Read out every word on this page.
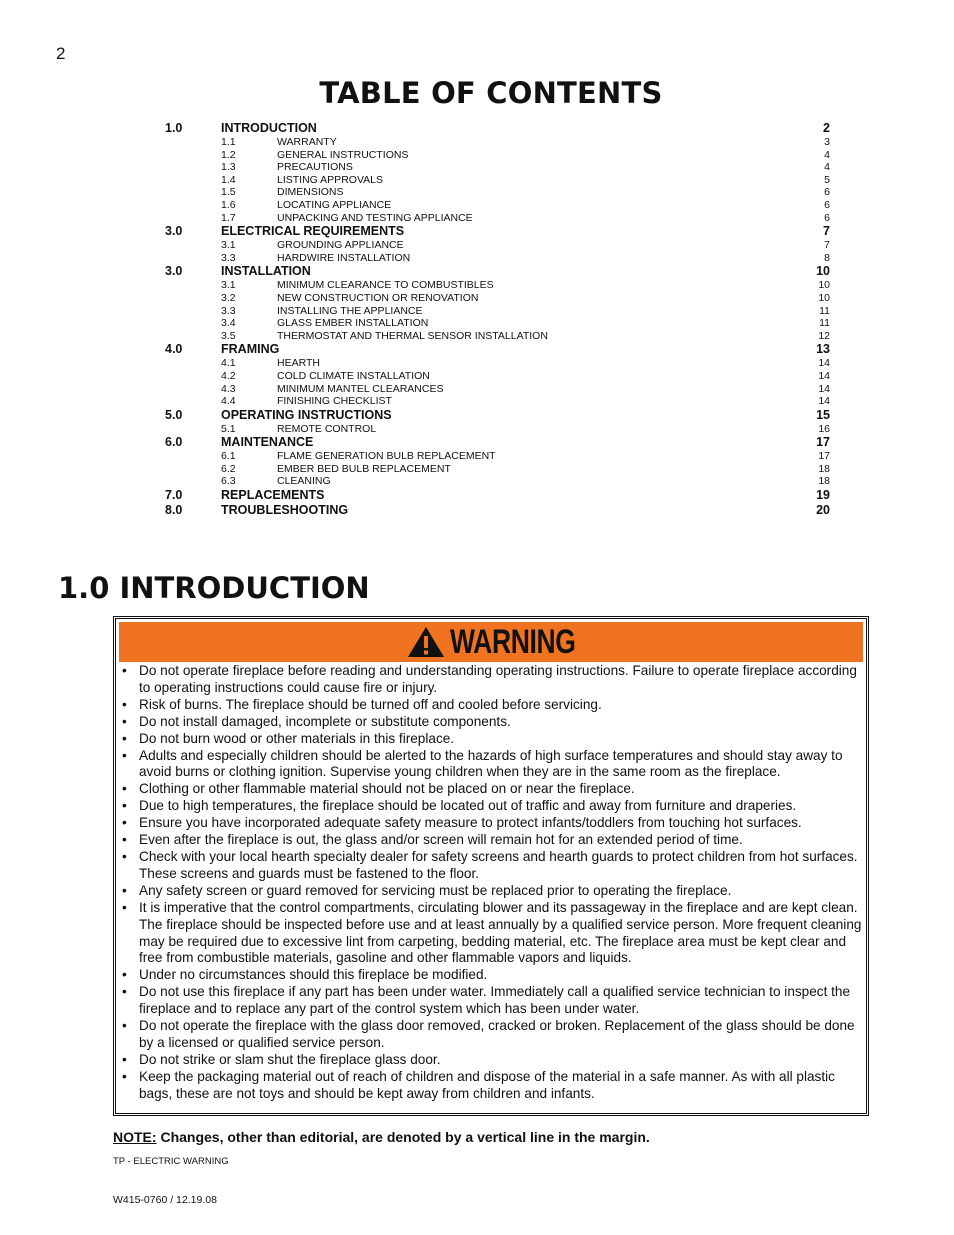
2
TABLE OF CONTENTS
1.0	INTRODUCTION	2
1.1	WARRANTY	3
1.2	GENERAL INSTRUCTIONS	4
1.3	PRECAUTIONS	4
1.4	LISTING APPROVALS	5
1.5	DIMENSIONS	6
1.6	LOCATING APPLIANCE	6
1.7	UNPACKING AND TESTING APPLIANCE	6
3.0	ELECTRICAL REQUIREMENTS	7
3.1	GROUNDING APPLIANCE	7
3.3	HARDWIRE INSTALLATION	8
3.0	INSTALLATION	10
3.1	MINIMUM CLEARANCE TO COMBUSTIBLES	10
3.2	NEW CONSTRUCTION OR RENOVATION	10
3.3	INSTALLING THE APPLIANCE	11
3.4	GLASS EMBER INSTALLATION	11
3.5	THERMOSTAT AND THERMAL SENSOR INSTALLATION	12
4.0	FRAMING	13
4.1	HEARTH	14
4.2	COLD CLIMATE INSTALLATION	14
4.3	MINIMUM MANTEL CLEARANCES	14
4.4	FINISHING CHECKLIST	14
5.0	OPERATING INSTRUCTIONS	15
5.1	REMOTE CONTROL	16
6.0	MAINTENANCE	17
6.1	FLAME GENERATION BULB REPLACEMENT	17
6.2	EMBER BED BULB REPLACEMENT	18
6.3	CLEANING	18
7.0	REPLACEMENTS	19
8.0	TROUBLESHOOTING	20
1.0 INTRODUCTION
WARNING
• Do not operate fireplace before reading and understanding operating instructions. Failure to operate fireplace according to operating instructions could cause fire or injury.
• Risk of burns. The fireplace should be turned off and cooled before servicing.
• Do not install damaged, incomplete or substitute components.
• Do not burn wood or other materials in this fireplace.
• Adults and especially children should be alerted to the hazards of high surface temperatures and should stay away to avoid burns or clothing ignition. Supervise young children when they are in the same room as the fireplace.
• Clothing or other flammable material should not be placed on or near the fireplace.
• Due to high temperatures, the fireplace should be located out of traffic and away from furniture and draperies.
• Ensure you have incorporated adequate safety measure to protect infants/toddlers from touching hot surfaces.
• Even after the fireplace is out, the glass and/or screen will remain hot for an extended period of time.
• Check with your local hearth specialty dealer for safety screens and hearth guards to protect children from hot surfaces. These screens and guards must be fastened to the floor.
• Any safety screen or guard removed for servicing must be replaced prior to operating the fireplace.
• It is imperative that the control compartments, circulating blower and its passageway in the fireplace and are kept clean. The fireplace should be inspected before use and at least annually by a qualified service person. More frequent cleaning may be required due to excessive lint from carpeting, bedding material, etc. The fireplace area must be kept clear and free from combustible materials, gasoline and other flammable vapors and liquids.
• Under no circumstances should this fireplace be modified.
• Do not use this fireplace if any part has been under water. Immediately call a qualified service technician to inspect the fireplace and to replace any part of the control system which has been under water.
• Do not operate the fireplace with the glass door removed, cracked or broken. Replacement of the glass should be done by a licensed or qualified service person.
• Do not strike or slam shut the fireplace glass door.
• Keep the packaging material out of reach of children and dispose of the material in a safe manner. As with all plastic bags, these are not toys and should be kept away from children and infants.
NOTE: Changes, other than editorial, are denoted by a vertical line in the margin.
TP - ELECTRIC WARNING
W415-0760 / 12.19.08
